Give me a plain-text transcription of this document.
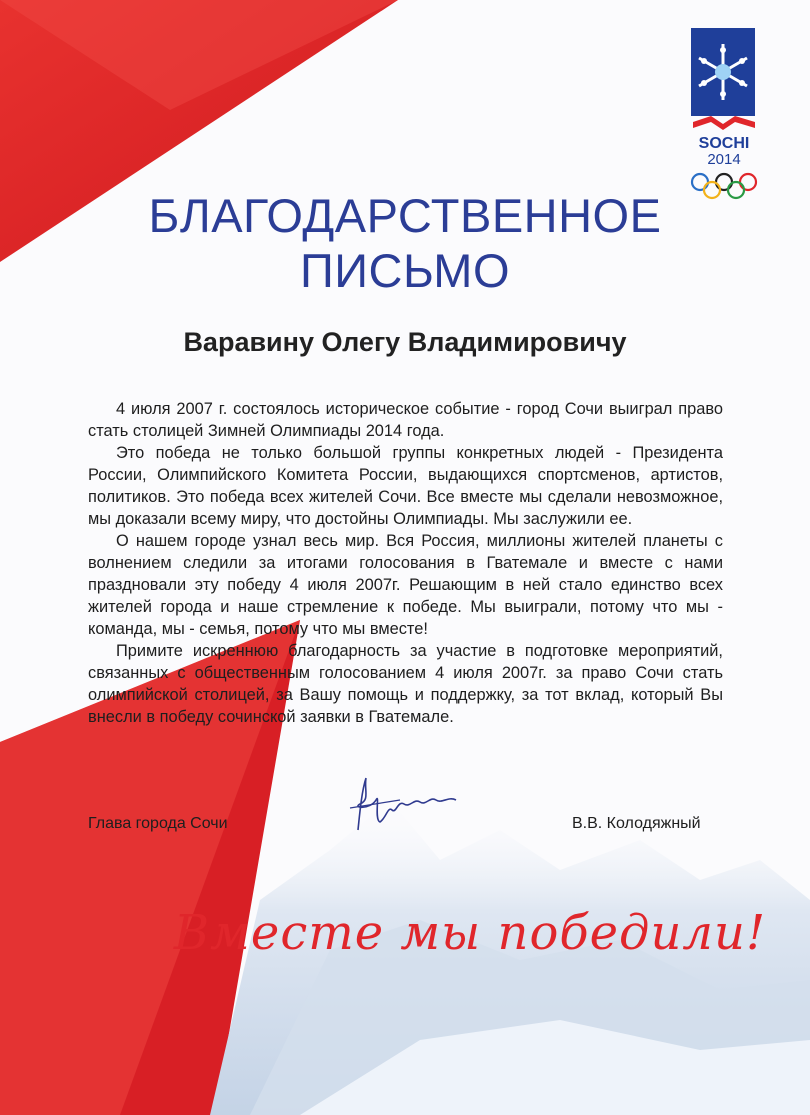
SOCHI
2014
БЛАГОДАРСТВЕННОЕ
ПИСЬМО
Варавину Олегу Владимировичу

4 июля 2007 г. состоялось историческое событие - город Сочи выиграл право стать столицей Зимней Олимпиады 2014 года.

Это победа не только большой группы конкретных людей - Президента России, Олимпийского Комитета России, выдающихся спортсменов, артистов, политиков. Это победа всех жителей Сочи. Все вместе мы сделали невозможное, мы доказали всему миру, что достойны Олимпиады. Мы заслужили ее.

О нашем городе узнал весь мир. Вся Россия, миллионы жителей планеты с волнением следили за итогами голосования в Гватемале и вместе с нами праздновали эту победу 4 июля 2007г. Решающим в ней стало единство всех жителей города и наше стремление к победе. Мы выиграли, потому что мы - команда, мы - семья, потому что мы вместе!

Примите искреннюю благодарность за участие в подготовке мероприятий, связанных с общественным голосованием 4 июля 2007г. за право Сочи стать олимпийской столицей, за Вашу помощь и поддержку, за тот вклад, который Вы внесли в победу сочинской заявки в Гватемале.

Глава города Сочи	В.В. Колодяжный
Вместе мы победили!
